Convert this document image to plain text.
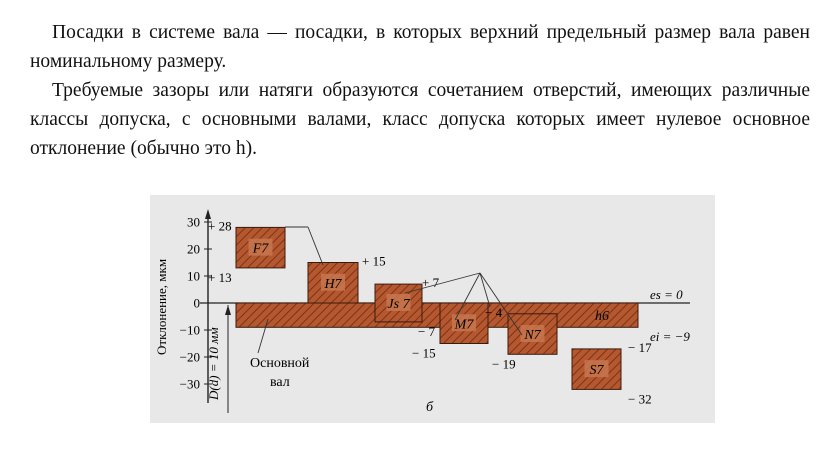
Посадки в системе вала — посадки, в которых верхний предельный размер вала равен номинальному размеру.

Требуемые зазоры или натяги образуются сочетанием отверстий, имеющих различные классы допуска, с основными валами, класс допуска которых имеет нулевое основное отклонение (обычно это h).

30
20
10
0
−10
−20
−30
Отклонение, мкм
D(d) = 10 мм
h6
F7
+ 28
+ 13	H7
+ 15
Js 7
+ 7
− 7 M7
− 15
N7
− 4
− 19	S7
− 17
− 32
Основной
вал
es = 0
ei = −9
б
